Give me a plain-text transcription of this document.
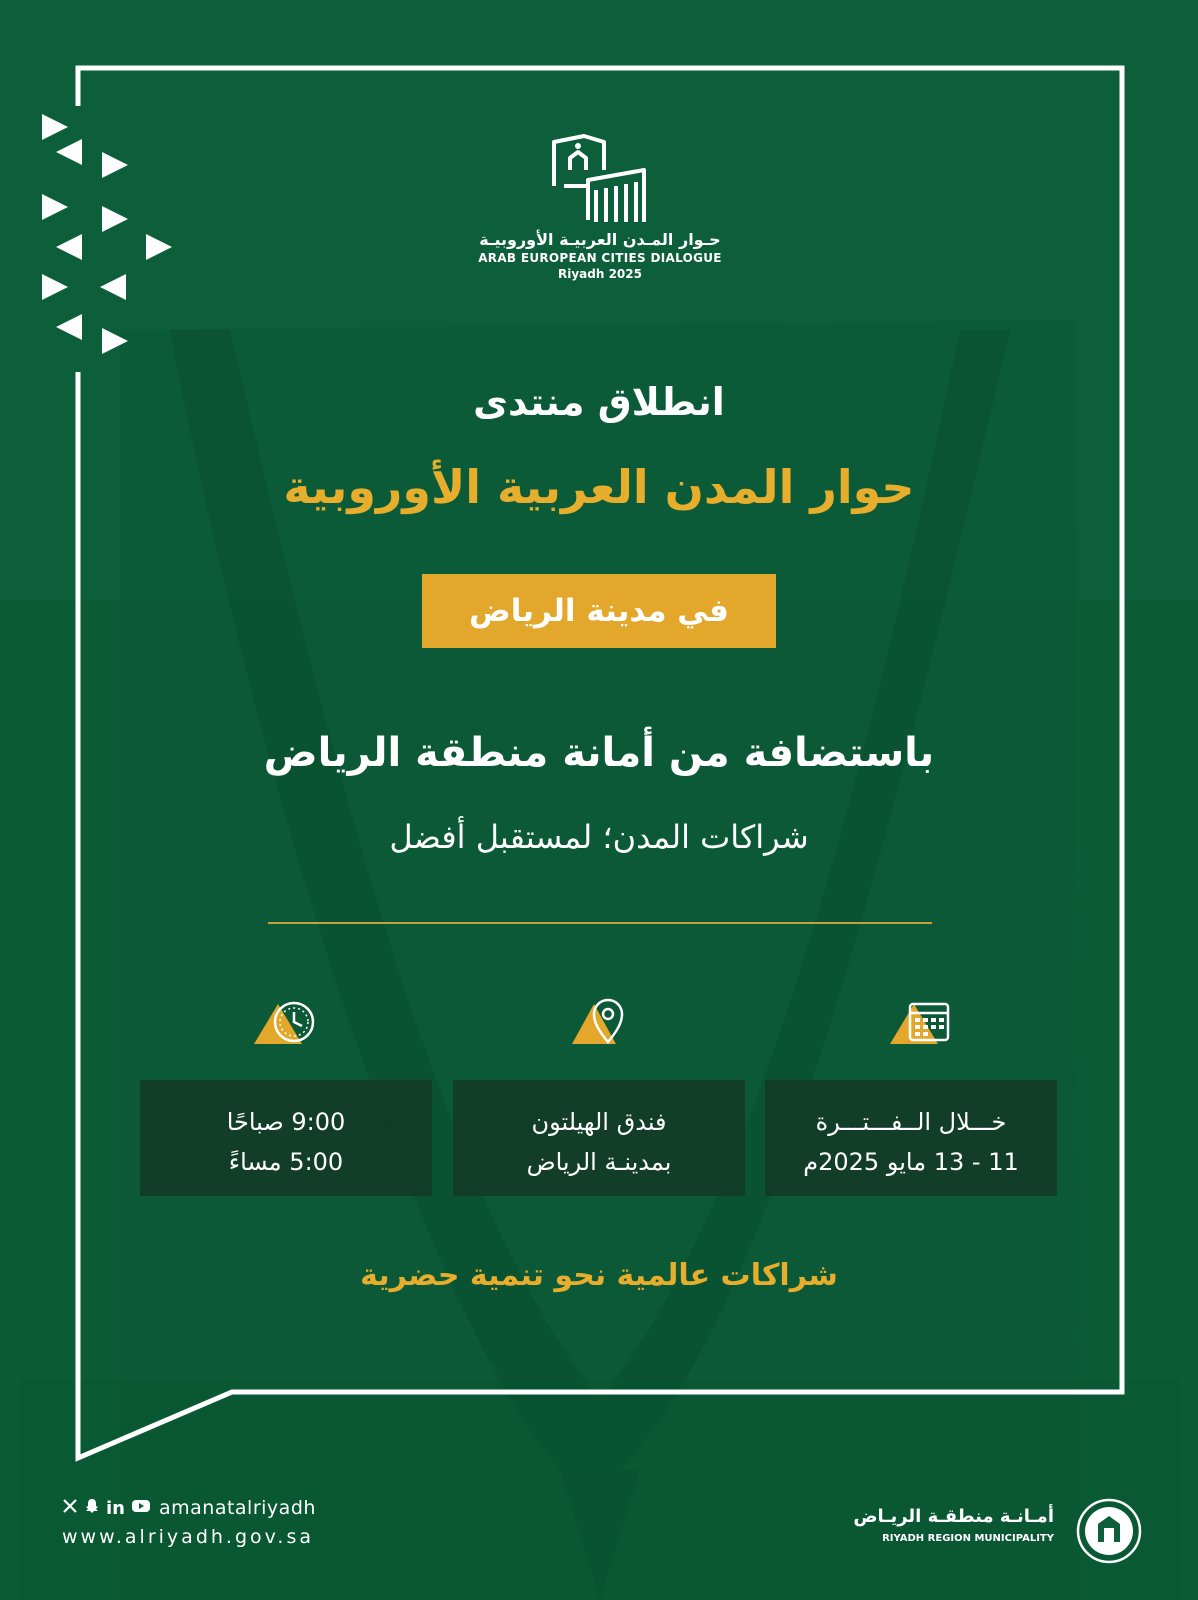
حـوار المـدن العربيـة الأوروبيـة
ARAB EUROPEAN CITIES DIALOGUE
Riyadh 2025
انطلاق منتدى
حوار المدن العربية الأوروبية
في مدينة الرياض
باستضافة من أمانة منطقة الرياض
شراكات المدن؛ لمستقبل أفضل
خـــلال الــفـــتـــرة
11 - 13 مايو 2025م
فندق الهيلتون
بمدينـة الرياض
9:00 صباحًا
5:00 مساءً
شراكات عالمية نحو تنمية حضرية
in amanatalriyadh
www.alriyadh.gov.sa
أمـانـة منطقـة الريـاض
RIYADH REGION MUNICIPALITY
